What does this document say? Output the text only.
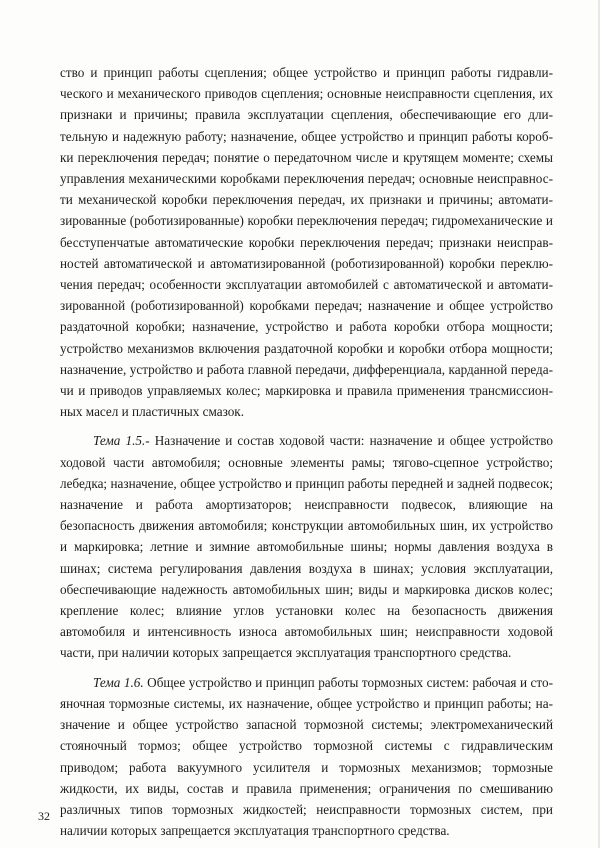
ство и принцип работы сцепления; общее устройство и принцип работы гидравлического и механического приводов сцепления; основные неисправности сцепления, их признаки и причины; правила эксплуатации сцепления, обеспечивающие его длительную и надежную работу; назначение, общее устройство и принцип работы коробки переключения передач; понятие о передаточном числе и крутящем моменте; схемы управления механическими коробками переключения передач; основные неисправности механической коробки переключения передач, их признаки и причины; автоматизированные (роботизированные) коробки переключения передач; гидромеханические и бесступенчатые автоматические коробки переключения передач; признаки неисправностей автоматической и автоматизированной (роботизированной) коробки переключения передач; особенности эксплуатации автомобилей с автоматической и автоматизированной (роботизированной) коробками передач; назначение и общее устройство раздаточной коробки; назначение, устройство и работа коробки отбора мощности; устройство механизмов включения раздаточной коробки и коробки отбора мощности; назначение, устройство и работа главной передачи, дифференциала, карданной передачи и приводов управляемых колес; маркировка и правила применения трансмиссионных масел и пластичных смазок.

Тема 1.5.- Назначение и состав ходовой части: назначение и общее устройство ходовой части автомобиля; основные элементы рамы; тягово-сцепное устройство; лебедка; назначение, общее устройство и принцип работы передней и задней подвесок; назначение и работа амортизаторов; неисправности подвесок, влияющие на безопасность движения автомобиля; конструкции автомобильных шин, их устройство и маркировка; летние и зимние автомобильные шины; нормы давления воздуха в шинах; система регулирования давления воздуха в шинах; условия эксплуатации, обеспечивающие надежность автомобильных шин; виды и маркировка дисков колес; крепление колес; влияние углов установки колес на безопасность движения автомобиля и интенсивность износа автомобильных шин; неисправности ходовой части, при наличии которых запрещается эксплуатация транспортного средства.

Тема 1.6. Общее устройство и принцип работы тормозных систем: рабочая и стояночная тормозные системы, их назначение, общее устройство и принцип работы; назначение и общее устройство запасной тормозной системы; электромеханический стояночный тормоз; общее устройство тормозной системы с гидравлическим приводом; работа вакуумного усилителя и тормозных механизмов; тормозные жидкости, их виды, состав и правила применения; ограничения по смешиванию различных типов тормозных жидкостей; неисправности тормозных систем, при наличии которых запрещается эксплуатация транспортного средства.

32
